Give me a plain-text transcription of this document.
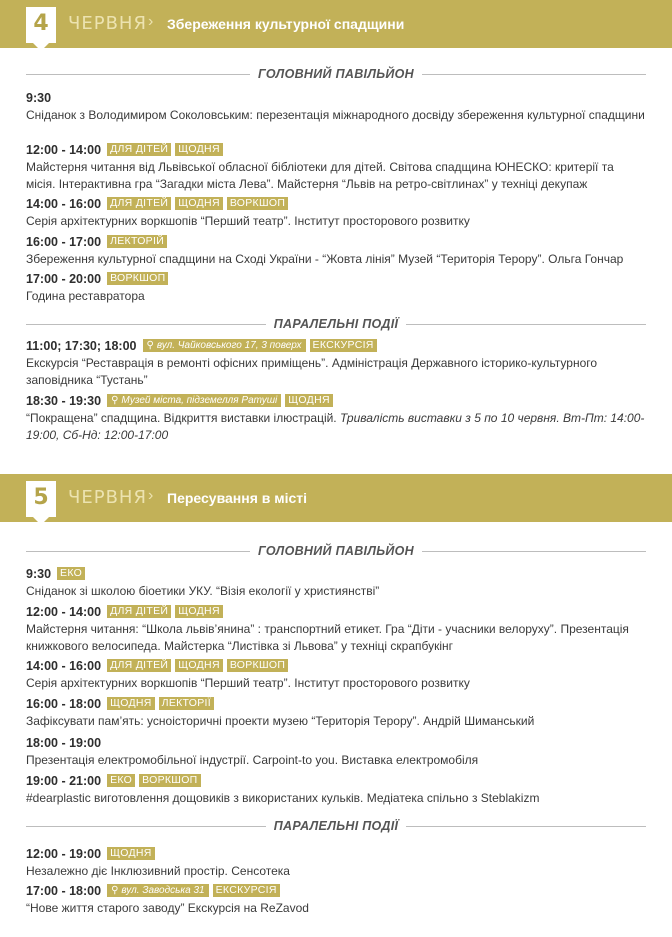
4	ЧЕРВНЯ › Збереження культурної спадщини
ГОЛОВНИЙ ПАВІЛЬЙОН
9:30
Сніданок з Володимиром Соколовським: перезентація міжнародного досвіду збереження культурної спадщини
12:00 - 14:00 ДЛЯ ДІТЕЙ ЩОДНЯ
Майстерня читання від Львівської обласної бібліотеки для дітей. Світова спадщина ЮНЕСКО: критерії та місія. Інтерактивна гра “Загадки міста Лева”. Майстерня “Львів на ретро-світлинах” у техніці декупаж
14:00 - 16:00 ДЛЯ ДІТЕЙ ЩОДНЯ ВОРКШОП
Серія архітектурних воркшопів “Перший театр”. Інститут просторового розвитку
16:00 - 17:00 ЛЕКТОРІЙ
Збереження культурної спадщини на Сході України - “Жовта лінія” Музей “Територія Терору”. Ольга Гончар
17:00 - 20:00 ВОРКШОП
Година реставратора
ПАРАЛЕЛЬНІ ПОДІЇ
11:00; 17:30; 18:00 ⚲ вул. Чайковського 17, 3 поверх ЕКСКУРСІЯ
Екскурсія “Реставрація в ремонті офісних приміщень”. Адміністрація Державного історико-культурного заповідника “Тустань”
18:30 - 19:30 ⚲ Музей міста, підземелля Ратуші ЩОДНЯ
“Покращена” спадщина. Відкриття виставки ілюстрацій. Тривалість виставки з 5 по 10 червня. Вт-Пт: 14:00-19:00, Сб-Нд: 12:00-17:00
5	ЧЕРВНЯ › Пересування в місті
ГОЛОВНИЙ ПАВІЛЬЙОН
9:30 ЕКО
Сніданок зі школою біоетики УКУ. “Візія екології у християнстві”
12:00 - 14:00 ДЛЯ ДІТЕЙ ЩОДНЯ
Майстерня читання: “Школа львів’янина” : транспортний етикет. Гра “Діти - учасники велоруху”. Презентація книжкового велосипеда. Майстерка “Листівка зі Львова” у техніці скрапбукінг
14:00 - 16:00 ДЛЯ ДІТЕЙ ЩОДНЯ ВОРКШОП
Серія архітектурних воркшопів “Перший театр”. Інститут просторового розвитку
16:00 - 18:00 ЩОДНЯ ЛЕКТОРІЇ
Зафіксувати пам’ять: усноісторичні проекти музею “Територія Терору”. Андрій Шиманський
18:00 - 19:00
Презентація електромобільної індустрії. Carpoint-to you. Виставка електромобіля
19:00 - 21:00 ЕКО ВОРКШОП
#dearplastic виготовлення дощовиків з використаних кульків. Медіатека спільно з Steblakizm
ПАРАЛЕЛЬНІ ПОДІЇ
12:00 - 19:00 ЩОДНЯ
Незалежно діє Інклюзивний простір. Сенсотека
17:00 - 18:00 ⚲ вул. Заводська 31 ЕКСКУРСІЯ
“Нове життя старого заводу” Екскурсія на ReZavod
